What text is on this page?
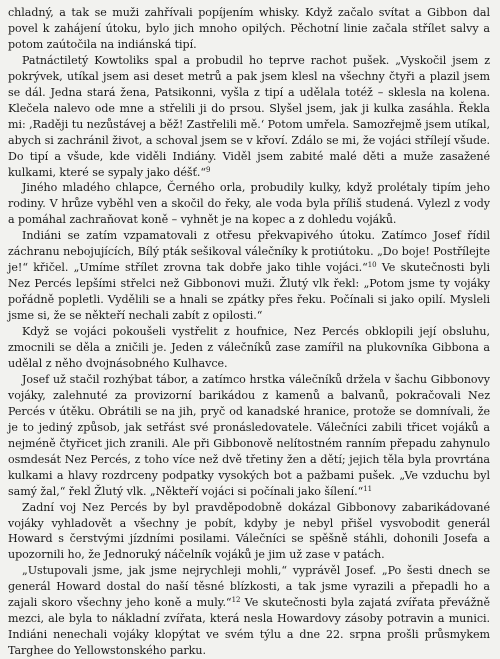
chladný, a tak se muži zahřívali popíjením whisky. Když začalo svítat a Gibbon dal povel k zahájení útoku, bylo jich mnoho opilých. Pěchotní linie začala střílet salvy a potom zaútočila na indiánská tipí.

Patnáctiletý Kowtoliks spal a probudil ho teprve rachot pušek. „Vyskočil jsem z pokrývek, utíkal jsem asi deset metrů a pak jsem klesl na všechny čtyři a plazil jsem se dál. Jedna stará žena, Patsikonni, vyšla z tipí a udělala totéž – sklesla na kolena. Klečela nalevo ode mne a střelili ji do prsou. Slyšel jsem, jak ji kulka zasáhla. Řekla mi: ,Raději tu nezůstávej a běž! Zastřelili mě.‘ Potom umřela. Samozřejmě jsem utíkal, abych si zachránil život, a schoval jsem se v křoví. Zdálo se mi, že vojáci střílejí všude. Do tipí a všude, kde viděli Indiány. Viděl jsem zabité malé děti a muže zasažené kulkami, které se sypaly jako déšť.“$^9$

Jiného mladého chlapce, Černého orla, probudily kulky, když prolétaly tipím jeho rodiny. V hrůze vyběhl ven a skočil do řeky, ale voda byla příliš studená. Vylezl z vody a pomáhal zachraňovat koně – vyhnět je na kopec a z dohledu vojáků.

Indiáni se zatím vzpamatovali z otřesu překvapivého útoku. Zatímco Josef řídil záchranu nebojujících, Bílý pták sešikoval válečníky k protiútoku. „Do boje! Postřílejte je!“ křičel. „Umíme střílet zrovna tak dobře jako tihle vojáci.“$^{10}$ Ve skutečnosti byli Nez Percés lepšími střelci než Gibbonovi muži. Žlutý vlk řekl: „Potom jsme ty vojáky pořádně popletli. Vydělili se a hnali se zpátky přes řeku. Počínali si jako opilí. Mysleli jsme si, že se někteří nechali zabít z opilosti.“

Když se vojáci pokoušeli vystřelit z houfnice, Nez Percés obklopili její obsluhu, zmocnili se děla a zničili je. Jeden z válečníků zase zamířil na plukovníka Gibbona a udělal z něho dvojnásobného Kulhavce.

Josef už stačil rozhýbat tábor, a zatímco hrstka válečníků držela v šachu Gibbonovy vojáky, zalehnuté za provizorní barikádou z kamenů a balvanů, pokračovali Nez Percés v útěku. Obrátili se na jih, pryč od kanadské hranice, protože se domnívali, že je to jediný způsob, jak setřást své pronásledovatele. Válečníci zabili třicet vojáků a nejméně čtyřicet jich zranili. Ale při Gibbonově nelítostném ranním přepadu zahynulo osmdesát Nez Percés, z toho více než dvě třetiny žen a dětí; jejich těla byla provrtána kulkami a hlavy rozdrceny podpatky vysokých bot a pažbami pušek. „Ve vzduchu byl samý žal,“ řekl Žlutý vlk. „Někteří vojáci si počínali jako šílení.“$^{11}$

Zadní voj Nez Percés by byl pravděpodobně dokázal Gibbonovy zabarikádované vojáky vyhladovět a všechny je pobít, kdyby je nebyl přišel vysvobodit generál Howard s čerstvými jízdními posilami. Válečníci se spěšně stáhli, dohonili Josefa a upozornili ho, že Jednoruký náčelník vojáků je jim už zase v patách.

„Ustupovali jsme, jak jsme nejrychleji mohli,“ vyprávěl Josef. „Po šesti dnech se generál Howard dostal do naší těsné blízkosti, a tak jsme vyrazili a přepadli ho a zajali skoro všechny jeho koně a muly.“$^{12}$ Ve skutečnosti byla zajatá zvířata převážně mezci, ale byla to nákladní zvířata, která nesla Howardovy zásoby potravin a munici. Indiáni nenechali vojáky klopýtat ve svém týlu a dne 22. srpna prošli průsmykem Targhee do Yellowstonského parku.
